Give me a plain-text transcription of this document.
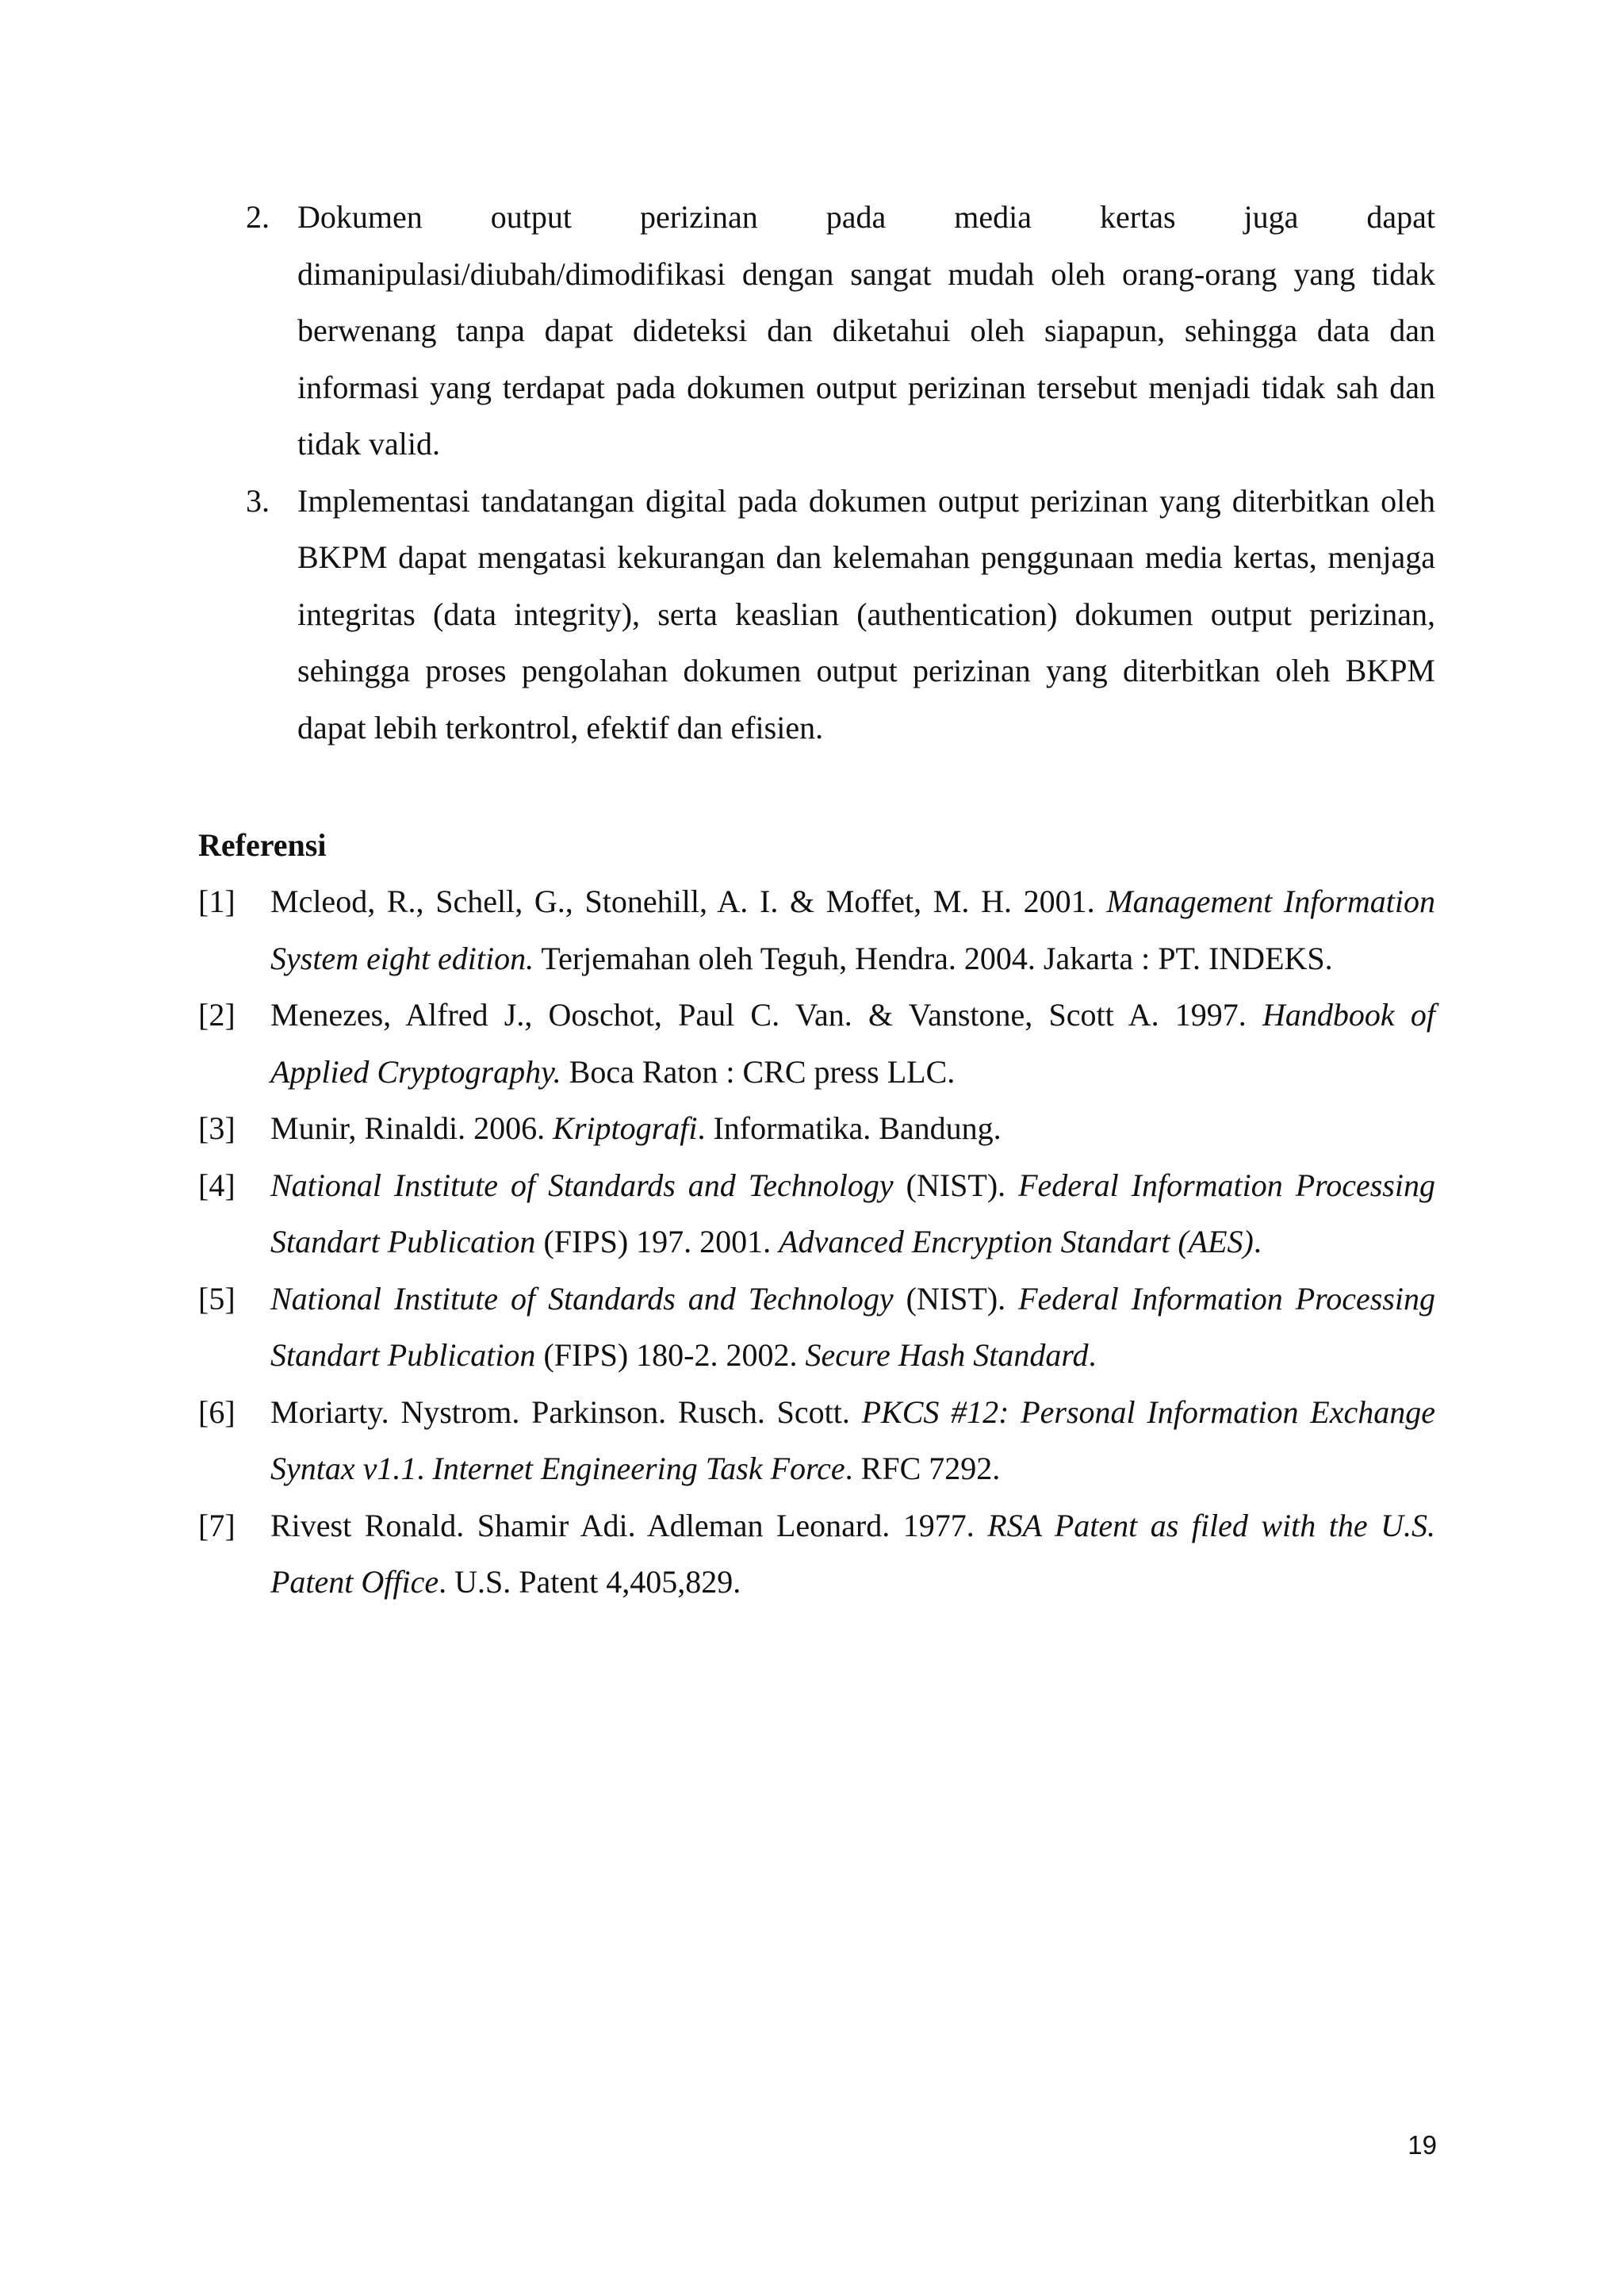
2. Dokumen output perizinan pada media kertas juga dapat dimanipulasi/diubah/dimodifikasi dengan sangat mudah oleh orang-orang yang tidak berwenang tanpa dapat dideteksi dan diketahui oleh siapapun, sehingga data dan informasi yang terdapat pada dokumen output perizinan tersebut menjadi tidak sah dan tidak valid.
3. Implementasi tandatangan digital pada dokumen output perizinan yang diterbitkan oleh BKPM dapat mengatasi kekurangan dan kelemahan penggunaan media kertas, menjaga integritas (data integrity), serta keaslian (authentication) dokumen output perizinan, sehingga proses pengolahan dokumen output perizinan yang diterbitkan oleh BKPM dapat lebih terkontrol, efektif dan efisien.
Referensi
[1] Mcleod, R., Schell, G., Stonehill, A. I. & Moffet, M. H. 2001. Management Information System eight edition. Terjemahan oleh Teguh, Hendra. 2004. Jakarta : PT. INDEKS.
[2] Menezes, Alfred J., Ooschot, Paul C. Van. & Vanstone, Scott A. 1997. Handbook of Applied Cryptography. Boca Raton : CRC press LLC.
[3] Munir, Rinaldi. 2006. Kriptografi. Informatika. Bandung.
[4] National Institute of Standards and Technology (NIST). Federal Information Processing Standart Publication (FIPS) 197. 2001. Advanced Encryption Standart (AES).
[5] National Institute of Standards and Technology (NIST). Federal Information Processing Standart Publication (FIPS) 180-2. 2002. Secure Hash Standard.
[6] Moriarty. Nystrom. Parkinson. Rusch. Scott. PKCS #12: Personal Information Exchange Syntax v1.1. Internet Engineering Task Force. RFC 7292.
[7] Rivest Ronald. Shamir Adi. Adleman Leonard. 1977. RSA Patent as filed with the U.S. Patent Office. U.S. Patent 4,405,829.
19
